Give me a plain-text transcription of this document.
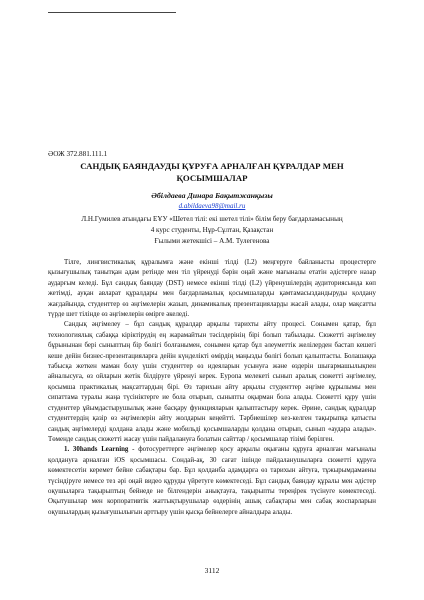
ӘОЖ 372.881.111.1
САНДЫҚ БАЯНДАУДЫ ҚҰРУҒА АРНАЛҒАН ҚҰРАЛДАР МЕН
ҚОСЫМШАЛАР
Әбілдаева Динара Бақытжанқызы
d.abildaeva98@mail.ru
Л.Н.Гумилев атындағы ЕҰУ «Шетел тілі: екі шетел тілі» білім беру бағдарламасының
4 курс студенты, Нұр-Сұлтан, Қазақстан
Ғылыми жетекшісі – А.М. Тулегенова

Тілге, лингвистикалық құралымға және екінші тілді (L2) меңгеруге байланысты процестерге қызығушылық танытқан адам ретінде мен тіл үйренуді бәрін оңай және мағыналы етатін әдістерге назар аударғым келеді. Бұл сандық баяндау (DST) немесе екінші тілді (L2) үйренушілердің аудиториясында көп жетімді, ауқан авлаpат құралдары мен бағдарламалық қосымшаларды қамтамасыздандыруды қолдану жағдайында, студенттер өз әңгімелерін жазып, динамикалық презентацияларды жасай алады, олар мақсатты түрде шет тілінде өз әңгімелерін өмірге әкеледі.

Сандық әңгімелеу – бұл сандық құралдар арқылы тарихты айту процесі. Сонымен қатар, бұл технологиялық сабаққа кіріктірудің ең жарамайтын тәсілдерінің бірі болып табылады. Сюжетті әңгімелеу бұрынынан бері сыныптың бір бөлігі болғанымен, сонымен қатар бұл әлеуметтік желілерден бастап кешегі кеше дейін бизнес-презентацияларға дейін күнделікті өмірдің маңызды бөлігі болып қалыптасты. Болашаққа табысқа жеткен маман болу үшін студенттер өз идеяларын усынуға және өздерін шығармашылықпен айналысуға, өз ойларын жетік білдіруге үйренуі керек. Еуропа мелекеті сынып аралық сюжетті әңгімелеу, қосымша практикалық мақсаттардың бірі. Өз тарихын айту арқылы студенттер әңгіме құрылымы мен сипаттама туралы жаңа түсініктерге ие бола отырып, сыныпты оқырман бола алады. Сюжетті құру үшін студенттер ұйымдастырушылық және басқару функцияларын қалыптастыру керек. Әрине, сандық құралдар студенттердің қазір өз әңгімелерін айту жолдарын кеңейтті. Тәрбиешілер кез-келген тақырыпқа қатысты сандық әңгімелерді қолдана алады және мобильді қосымшаларды қолдана отырып, сынып «аудара алады». Төменде сандық сюжетті жасау үшін пайдалануға болатын сайттар / қосымшалар тізімі берілген.

1. 30hands Learning - фотосуреттерге әңгімелер қосу арқылы оқығаны құруға арналған мағыналы қолдануға арналған iOS қосымшасы. Сондай-ақ, 30 сағат ішінде пайдаланушыларға сюжетті құруға көмектесетін керемет бейне сабақтары бар. Бұл қолданба адамдарға өз тарихын айтуға, тұжырымдамаены түсіндіруге немесе тез әрі оңай видео құруды үйретуге көмектеседі. Бұл сандық баяндау құралы мен әдістер оқушыларға тақырыптың бейнеде не білгендерін анықтауға, тақырыпты тереңірек түсінуге көмектеседі. Оқытушылар мен корпоративтік жаттықтырушылар өздерінің ашық сабақтары мен сабақ жоспарларын оқушылардың қызығушылығын арттыру үшін қысқа бейнелерге айналдыра алады.

3112
